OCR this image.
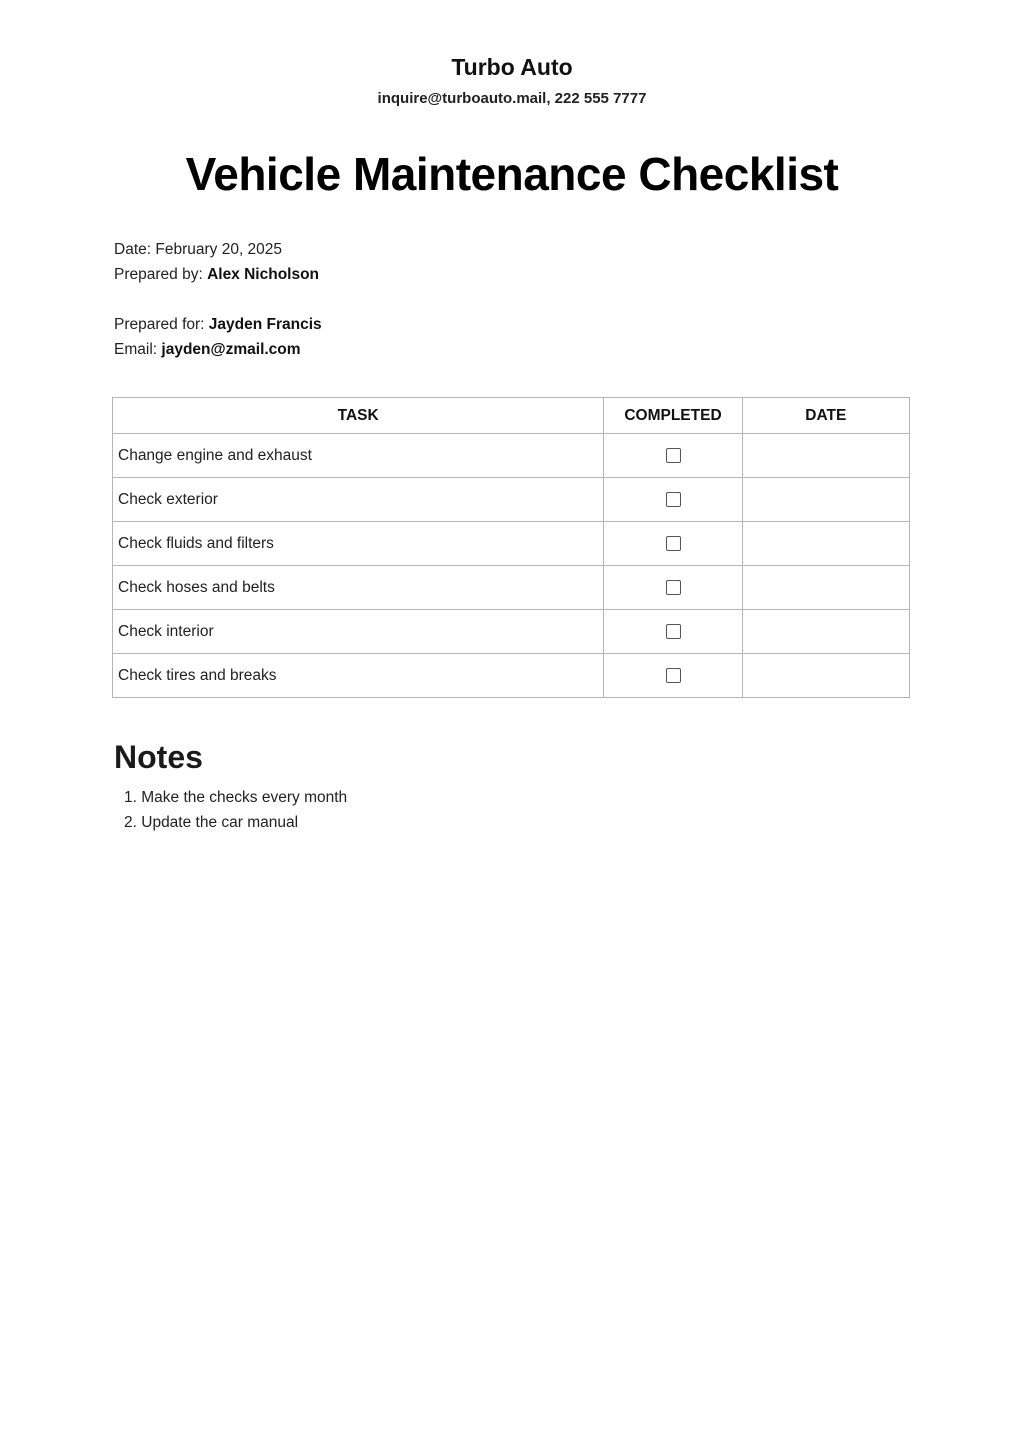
Turbo Auto
inquire@turboauto.mail, 222 555 7777
Vehicle Maintenance Checklist
Date: February 20, 2025
Prepared by: Alex Nicholson
Prepared for: Jayden Francis
Email: jayden@zmail.com
TASK	COMPLETED	DATE
Change engine and exhaust		
Check exterior		
Check fluids and filters		
Check hoses and belts		
Check interior		
Check tires and breaks		
Notes
1. Make the checks every month
2. Update the car manual
